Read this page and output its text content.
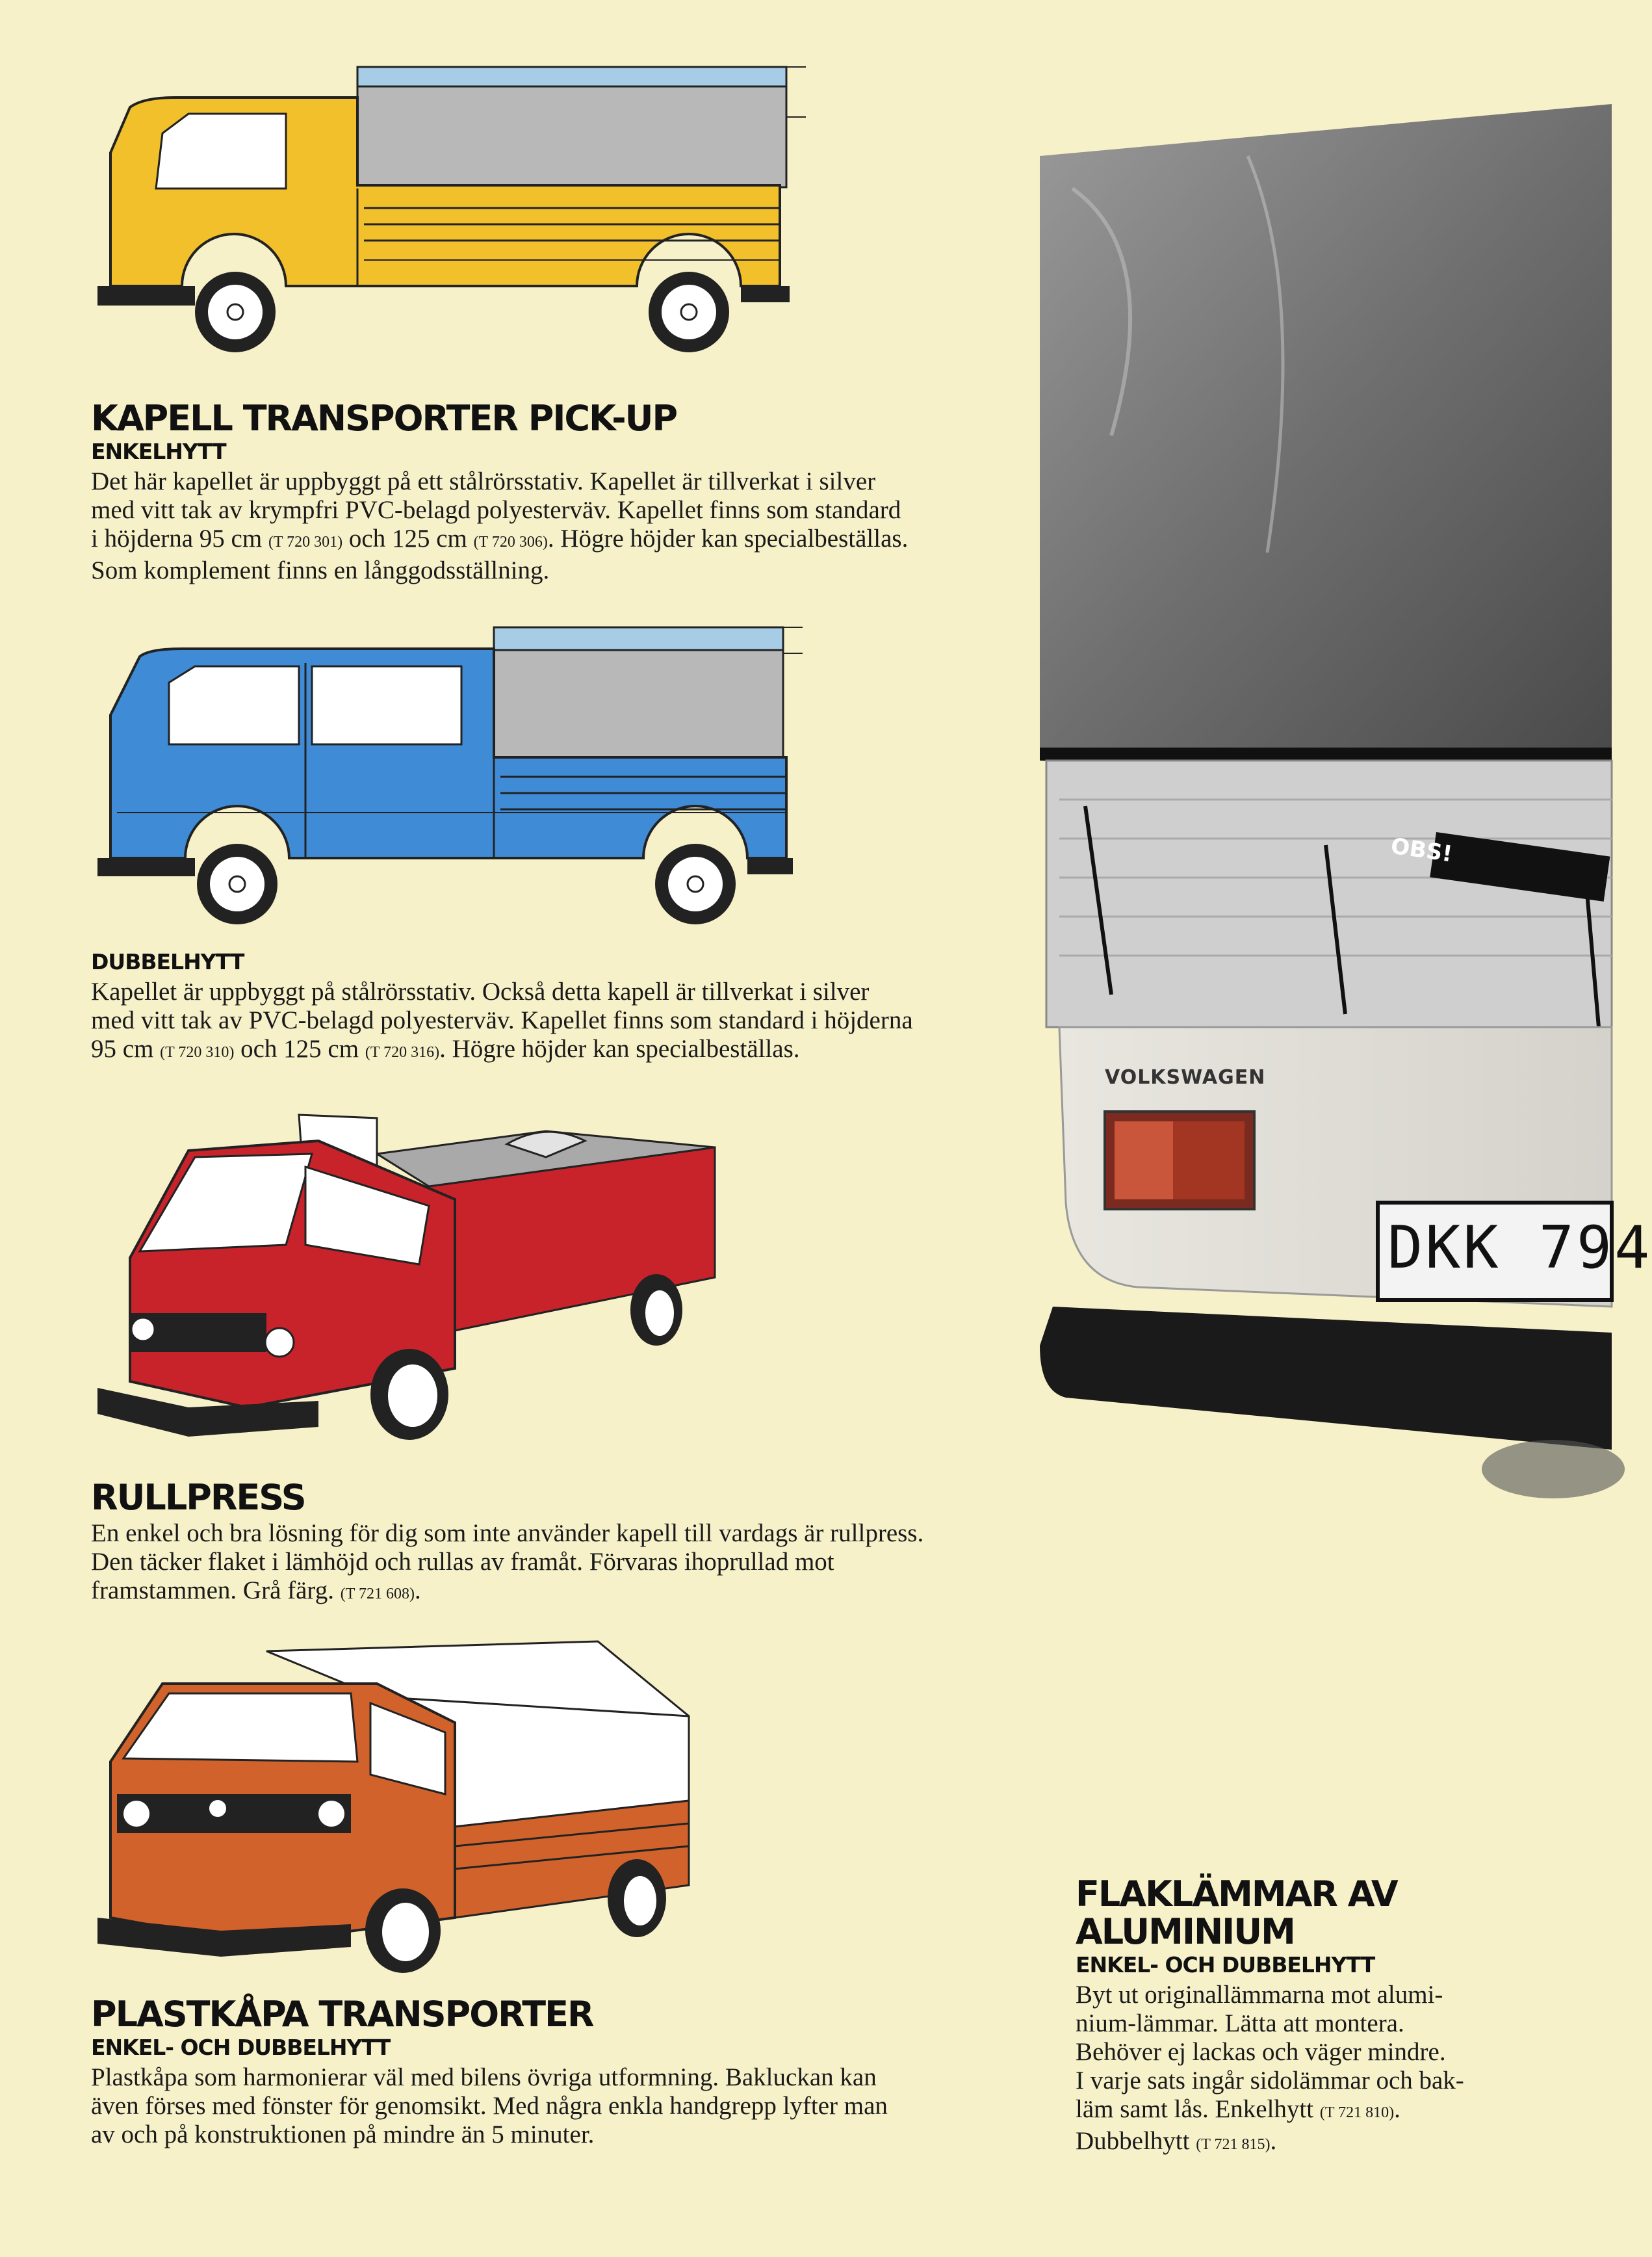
KAPELL TRANSPORTER PICK-UP
ENKELHYTT

Det här kapellet är uppbyggt på ett stålrörsstativ. Kapellet är tillverkat i silver
med vitt tak av krympfri PVC-belagd polyesterväv. Kapellet finns som standard
i höjderna 95 cm (T 720 301) och 125 cm (T 720 306). Högre höjder kan specialbeställas.
Som komplement finns en långgodsställning.

DUBBELHYTT

Kapellet är uppbyggt på stålrörsstativ. Också detta kapell är tillverkat i silver
med vitt tak av PVC-belagd polyesterväv. Kapellet finns som standard i höjderna
95 cm (T 720 310) och 125 cm (T 720 316). Högre höjder kan specialbeställas.

RULLPRESS

En enkel och bra lösning för dig som inte använder kapell till vardags är rullpress.
Den täcker flaket i lämhöjd och rullas av framåt. Förvaras ihoprullad mot
framstammen. Grå färg. (T 721 608).

PLASTKÅPA TRANSPORTER
ENKEL- OCH DUBBELHYTT

Plastkåpa som harmonierar väl med bilens övriga utformning. Bakluckan kan
även förses med fönster för genomsikt. Med några enkla handgrepp lyfter man
av och på konstruktionen på mindre än 5 minuter.

OBS!
VOLKSWAGEN
DKK 794
FLAKLÄMMAR AV
ALUMINIUM
ENKEL- OCH DUBBELHYTT

Byt ut originallämmarna mot alumi-
nium-lämmar. Lätta att montera.
Behöver ej lackas och väger mindre.
I varje sats ingår sidolämmar och bak-
läm samt lås. Enkelhytt (T 721 810).
Dubbelhytt (T 721 815).
